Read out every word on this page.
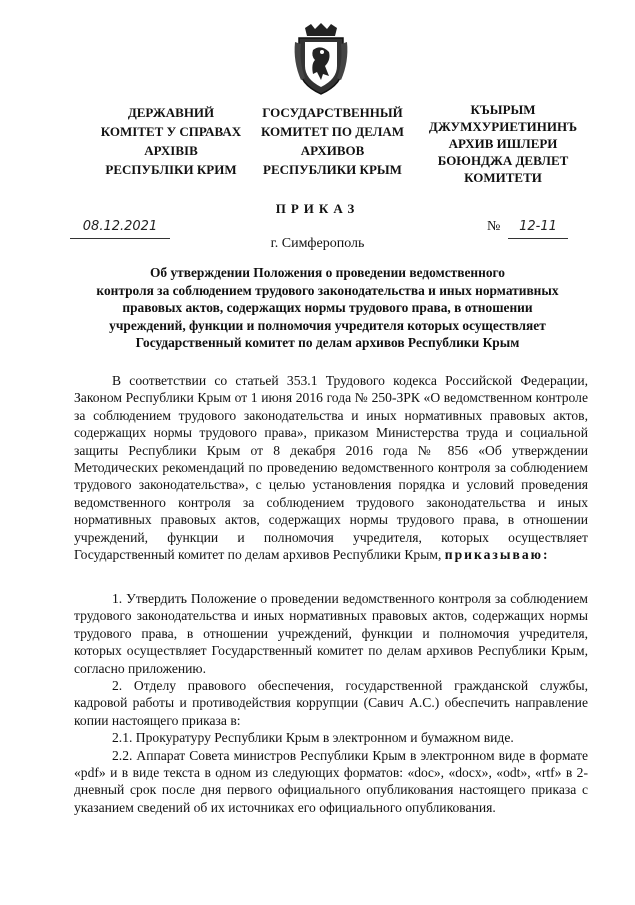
ДЕРЖАВНИЙ
КОМІТЕТ У СПРАВАХ
АРХІВІВ
РЕСПУБЛІКИ КРИМ
ГОСУДАРСТВЕННЫЙ
КОМИТЕТ ПО ДЕЛАМ
АРХИВОВ
РЕСПУБЛИКИ КРЫМ
КЪЫРЫМ
ДЖУМХУРИЕТИНИНЪ
АРХИВ ИШЛЕРИ
БОЮНДЖА ДЕВЛЕТ
КОМИТЕТИ
ПРИКАЗ
08.12.2021	№	12-11
г. Симферополь
Об утверждении Положения о проведении ведомственного
контроля за соблюдением трудового законодательства и иных нормативных
правовых актов, содержащих нормы трудового права, в отношении
учреждений, функции и полномочия учредителя которых осуществляет
Государственный комитет по делам архивов Республики Крым

В соответствии со статьей 353.1 Трудового кодекса Российской Федерации, Законом Республики Крым от 1 июня 2016 года № 250-ЗРК «О ведомственном контроле за соблюдением трудового законодательства и иных нормативных правовых актов, содержащих нормы трудового права», приказом Министерства труда и социальной защиты Республики Крым от 8 декабря 2016 года № 856 «Об утверждении Методических рекомендаций по проведению ведомственного контроля за соблюдением трудового законодательства», с целью установления порядка и условий проведения ведомственного контроля за соблюдением трудового законодательства и иных нормативных правовых актов, содержащих нормы трудового права, в отношении учреждений, функции и полномочия учредителя, которых осуществляет Государственный комитет по делам архивов Республики Крым, приказываю:

1. Утвердить Положение о проведении ведомственного контроля за соблюдением трудового законодательства и иных нормативных правовых актов, содержащих нормы трудового права, в отношении учреждений, функции и полномочия учредителя, которых осуществляет Государственный комитет по делам архивов Республики Крым, согласно приложению.

2. Отделу правового обеспечения, государственной гражданской службы, кадровой работы и противодействия коррупции (Савич А.С.) обеспечить направление копии настоящего приказа в:

2.1. Прокуратуру Республики Крым в электронном и бумажном виде.

2.2. Аппарат Совета министров Республики Крым в электронном виде в формате «pdf» и в виде текста в одном из следующих форматов: «doc», «docx», «odt», «rtf» в 2-дневный срок после дня первого официального опубликования настоящего приказа с указанием сведений об их источниках его официального опубликования.
